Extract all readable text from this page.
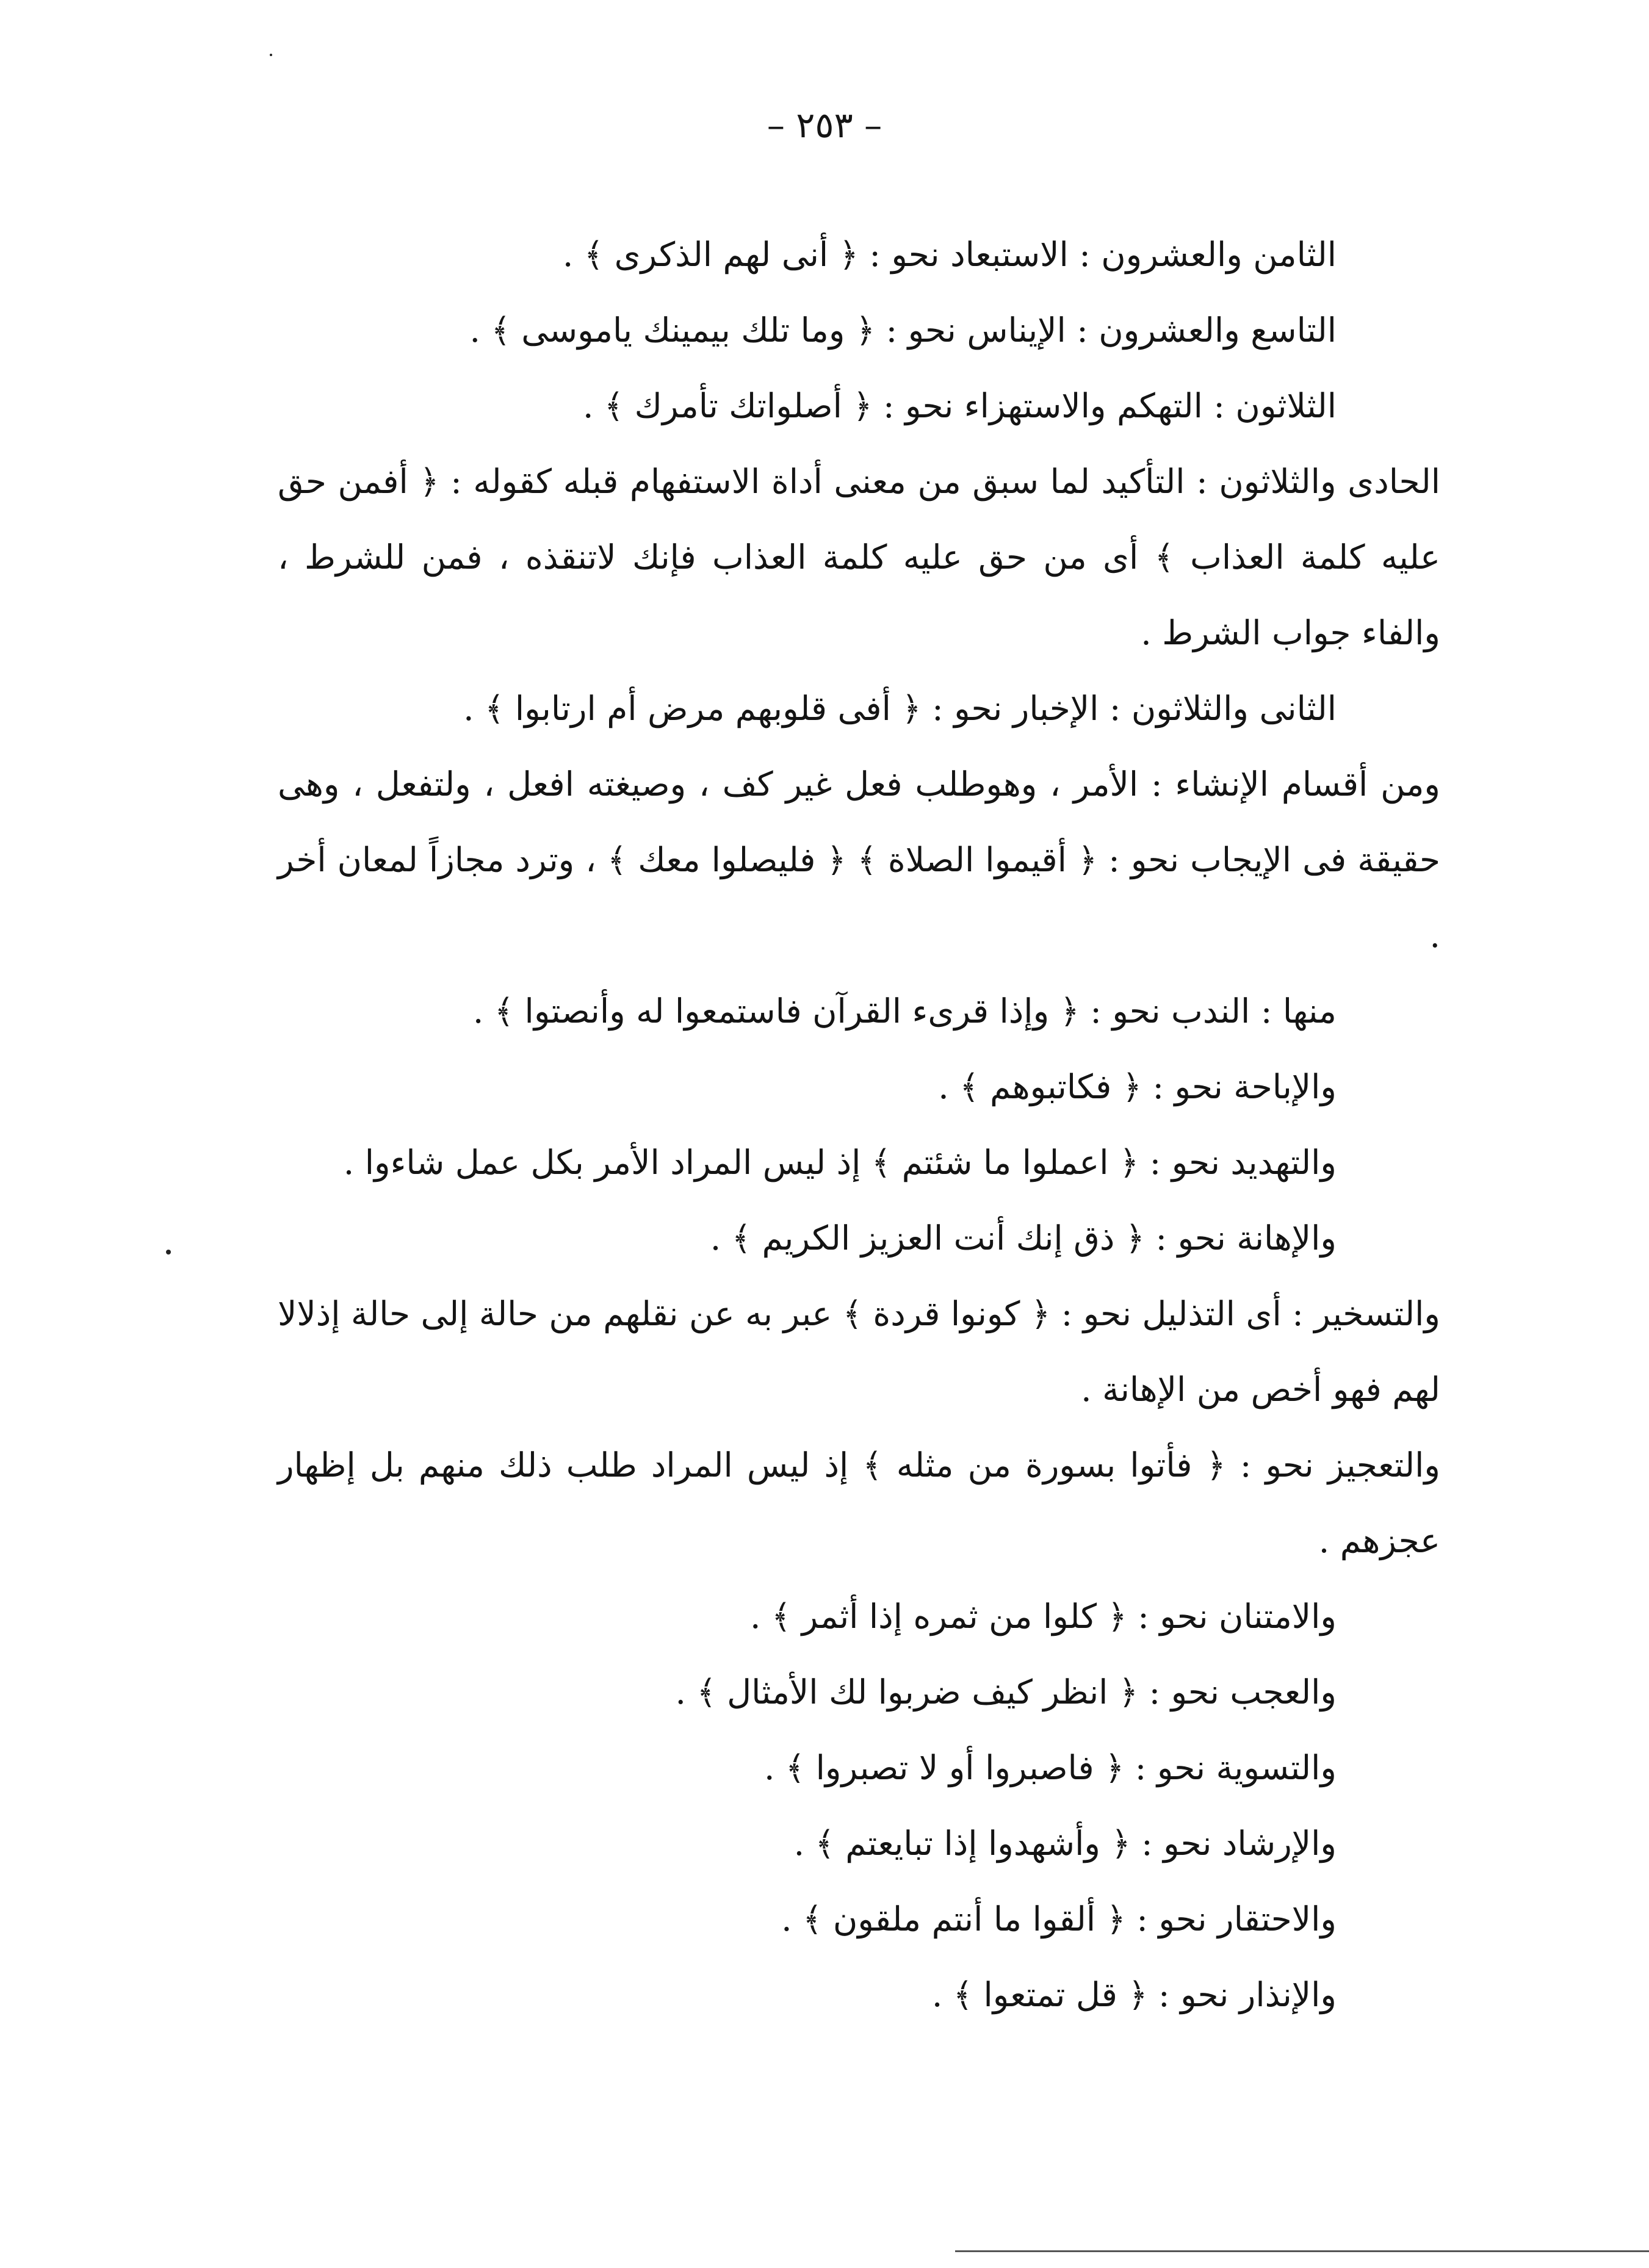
– ٢٥٣ –

الثامن والعشرون : الاستبعاد نحو : ﴿ أنى لهم الذكرى ﴾ .

التاسع والعشرون : الإيناس نحو : ﴿ وما تلك بيمينك ياموسى ﴾ .

الثلاثون : التهكم والاستهزاء نحو : ﴿ أصلواتك تأمرك ﴾ .

الحادى والثلاثون : التأكيد لما سبق من معنى أداة الاستفهام قبله كقوله : ﴿ أفمن حق عليه كلمة العذاب ﴾ أى من حق عليه كلمة العذاب فإنك لاتنقذه ، فمن للشرط ، والفاء جواب الشرط .

الثانى والثلاثون : الإخبار نحو : ﴿ أفى قلوبهم مرض أم ارتابوا ﴾ .

ومن أقسام الإنشاء : الأمر ، وهوطلب فعل غير كف ، وصيغته افعل ، ولتفعل ، وهى حقيقة فى الإيجاب نحو : ﴿ أقيموا الصلاة ﴾ ﴿ فليصلوا معك ﴾ ، وترد مجازاً لمعان أخر .

منها : الندب نحو : ﴿ وإذا قرىء القرآن فاستمعوا له وأنصتوا ﴾ .

والإباحة نحو : ﴿ فكاتبوهم ﴾ .

والتهديد نحو : ﴿ اعملوا ما شئتم ﴾ إذ ليس المراد الأمر بكل عمل شاءوا .

والإهانة نحو : ﴿ ذق إنك أنت العزيز الكريم ﴾ .

والتسخير : أى التذليل نحو : ﴿ كونوا قردة ﴾ عبر به عن نقلهم من حالة إلى حالة إذلالا لهم فهو أخص من الإهانة .

والتعجيز نحو : ﴿ فأتوا بسورة من مثله ﴾ إذ ليس المراد طلب ذلك منهم بل إظهار عجزهم .

والامتنان نحو : ﴿ كلوا من ثمره إذا أثمر ﴾ .

والعجب نحو : ﴿ انظر كيف ضربوا لك الأمثال ﴾ .

والتسوية نحو : ﴿ فاصبروا أو لا تصبروا ﴾ .

والإرشاد نحو : ﴿ وأشهدوا إذا تبايعتم ﴾ .

والاحتقار نحو : ﴿ ألقوا ما أنتم ملقون ﴾ .

والإنذار نحو : ﴿ قل تمتعوا ﴾ .
